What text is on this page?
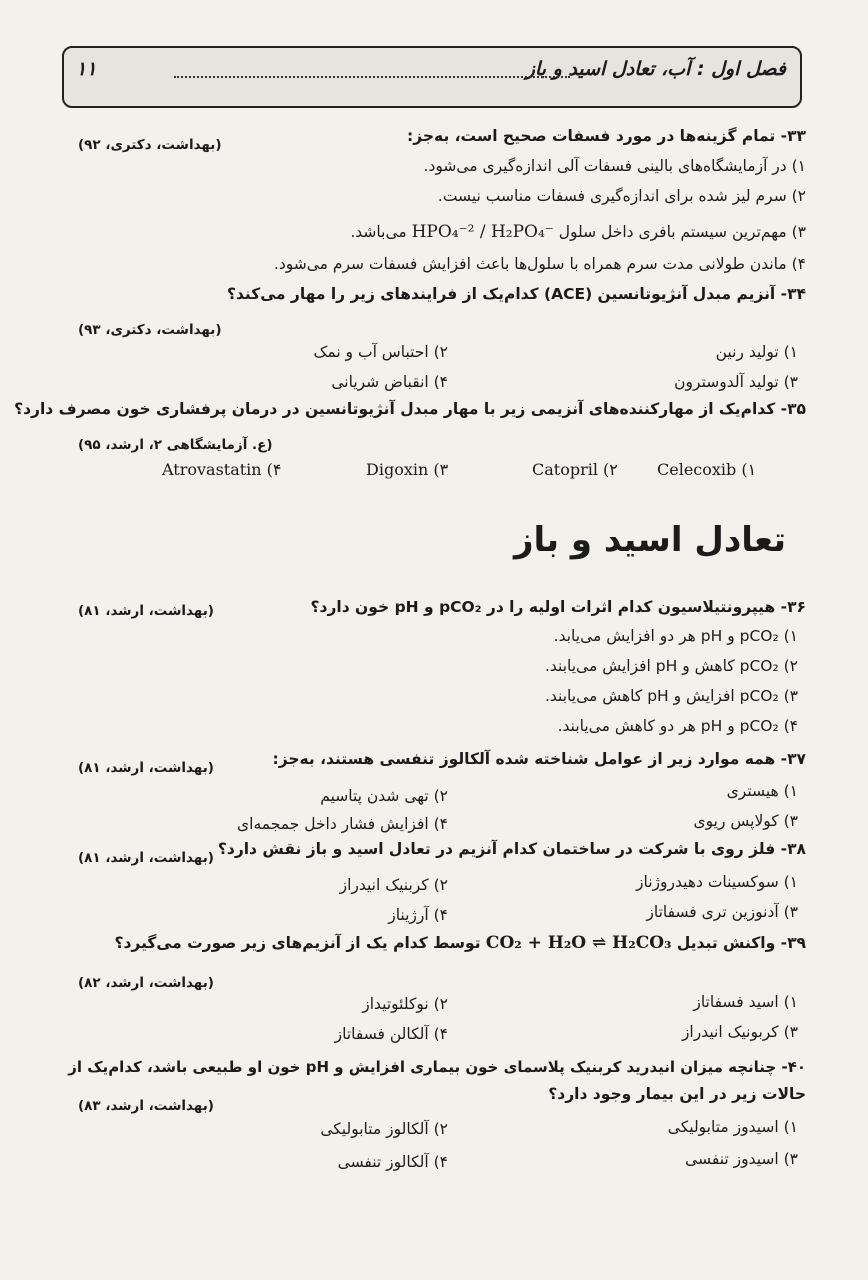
فصل اول : آب، تعادل اسید و باز
۱۱
۳۳- تمام گزینه‌ها در مورد فسفات صحیح است، به‌جز:
(بهداشت، دکتری، ۹۲)
۱) در آزمایشگاه‌های بالینی فسفات آلی اندازه‌گیری می‌شود.
۲) سرم لیز شده برای اندازه‌گیری فسفات مناسب نیست.
۳) مهم‌ترین سیستم بافری داخل سلول HPO₄⁻² / H₂PO₄⁻ می‌باشد.
۴) ماندن طولانی مدت سرم همراه با سلول‌ها باعث افزایش فسفات سرم می‌شود.
۳۴- آنزیم مبدل آنژیوتانسین (ACE) کدام‌یک از فرایندهای زیر را مهار می‌کند؟
(بهداشت، دکتری، ۹۳)
۱) تولید رنین
۲) احتباس آب و نمک
۳) تولید آلدوسترون
۴) انقباض شریانی
۳۵- کدام‌یک از مهارکننده‌های آنزیمی زیر با مهار مبدل آنژیوتانسین در درمان پرفشاری خون مصرف دارد؟
(ع. آزمایشگاهی ۲، ارشد، ۹۵)
Celecoxib (۱
Catopril (۲
Digoxin (۳
Atrovastatin (۴
تعادل اسید و باز
۳۶- هیپرونتیلاسیون کدام اثرات اولیه را در pCO₂ و pH خون دارد؟
(بهداشت، ارشد، ۸۱)
۱) pCO₂ و pH هر دو افزایش می‌یابد.
۲) pCO₂ کاهش و pH افزایش می‌یابند.
۳) pCO₂ افزایش و pH کاهش می‌یابند.
۴) pCO₂ و pH هر دو کاهش می‌یابند.
۳۷- همه موارد زیر از عوامل شناخته شده آلکالوز تنفسی هستند، به‌جز:
(بهداشت، ارشد، ۸۱)
۱) هیستری
۲) تهی شدن پتاسیم
۳) کولاپس ریوی
۴) افزایش فشار داخل جمجمه‌ای
۳۸- فلز روی با شرکت در ساختمان کدام آنزیم در تعادل اسید و باز نقش دارد؟
(بهداشت، ارشد، ۸۱)
۱) سوکسینات دهیدروژناز
۲) کربنیک انیدراز
۳) آدنوزین تری فسفاتاز
۴) آرژیناز
۳۹- واکنش تبدیل CO₂ + H₂O ⇌ H₂CO₃ توسط کدام یک از آنزیم‌های زیر صورت می‌گیرد؟
(بهداشت، ارشد، ۸۲)
۱) اسید فسفاتاز
۲) نوکلئوتیداز
۳) کربونیک انیدراز
۴) آلکالن فسفاتاز
۴۰- چنانچه میزان انیدرید کربنیک پلاسمای خون بیماری افزایش و pH خون او طبیعی باشد، کدام‌یک از
حالات زیر در این بیمار وجود دارد؟
(بهداشت، ارشد، ۸۳)
۱) اسیدوز متابولیکی
۲) آلکالوز متابولیکی
۳) اسیدوز تنفسی
۴) آلکالوز تنفسی
